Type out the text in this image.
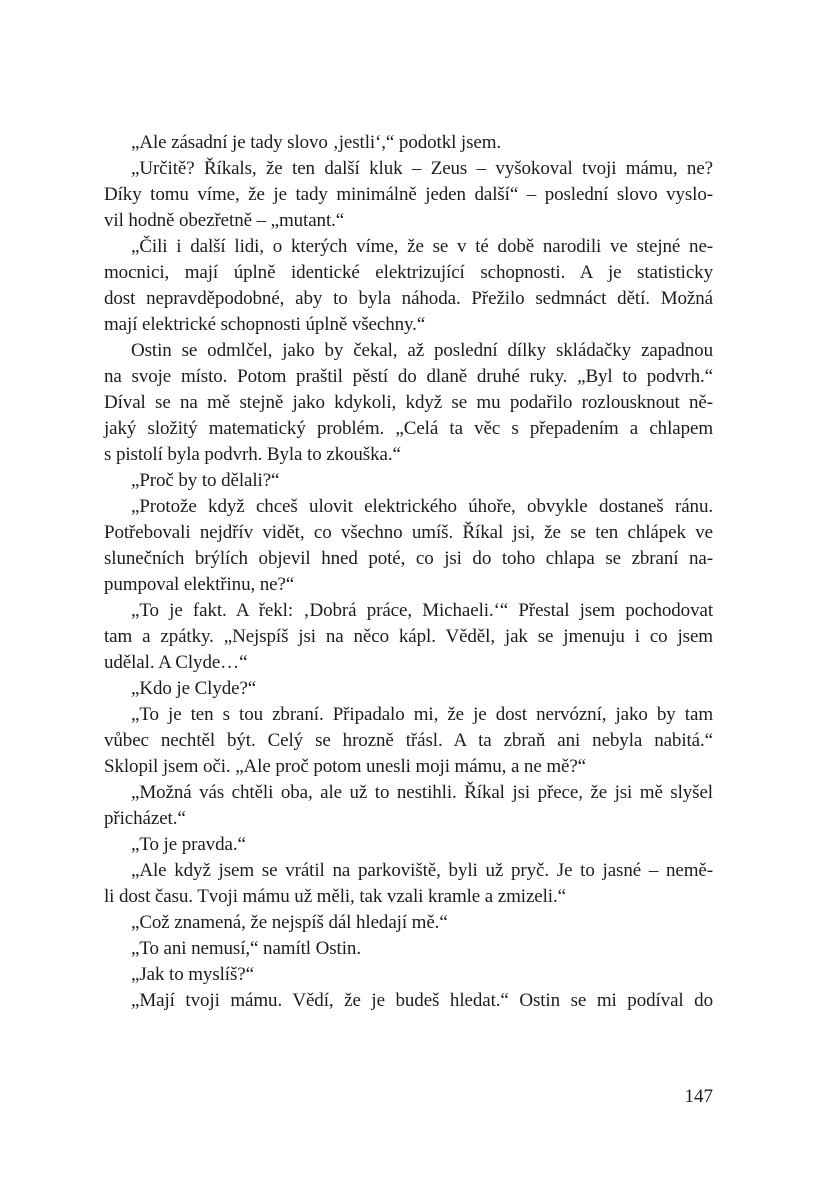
„Ale zásadní je tady slovo ‚jestli‘,“ podotkl jsem.
„Určitě? Říkals, že ten další kluk – Zeus – vyšokoval tvoji mámu, ne?
Díky tomu víme, že je tady minimálně jeden další“ – poslední slovo vyslo-
vil hodně obezřetně – „mutant.“
„Čili i další lidi, o kterých víme, že se v té době narodili ve stejné ne-
mocnici, mají úplně identické elektrizující schopnosti. A je statisticky
dost nepravděpodobné, aby to byla náhoda. Přežilo sedmnáct dětí. Možná
mají elektrické schopnosti úplně všechny.“
Ostin se odmlčel, jako by čekal, až poslední dílky skládačky zapadnou
na svoje místo. Potom praštil pěstí do dlaně druhé ruky. „Byl to podvrh.“
Díval se na mě stejně jako kdykoli, když se mu podařilo rozlousknout ně-
jaký složitý matematický problém. „Celá ta věc s přepadením a chlapem
s pistolí byla podvrh. Byla to zkouška.“
„Proč by to dělali?“
„Protože když chceš ulovit elektrického úhoře, obvykle dostaneš ránu.
Potřebovali nejdřív vidět, co všechno umíš. Říkal jsi, že se ten chlápek ve
slunečních brýlích objevil hned poté, co jsi do toho chlapa se zbraní na-
pumpoval elektřinu, ne?“
„To je fakt. A řekl: ‚Dobrá práce, Michaeli.‘“ Přestal jsem pochodovat
tam a zpátky. „Nejspíš jsi na něco kápl. Věděl, jak se jmenuju i co jsem
udělal. A Clyde…“
„Kdo je Clyde?“
„To je ten s tou zbraní. Připadalo mi, že je dost nervózní, jako by tam
vůbec nechtěl být. Celý se hrozně třásl. A ta zbraň ani nebyla nabitá.“
Sklopil jsem oči. „Ale proč potom unesli moji mámu, a ne mě?“
„Možná vás chtěli oba, ale už to nestihli. Říkal jsi přece, že jsi mě slyšel
přicházet.“
„To je pravda.“
„Ale když jsem se vrátil na parkoviště, byli už pryč. Je to jasné – nemě-
li dost času. Tvoji mámu už měli, tak vzali kramle a zmizeli.“
„Což znamená, že nejspíš dál hledají mě.“
„To ani nemusí,“ namítl Ostin.
„Jak to myslíš?“
„Mají tvoji mámu. Vědí, že je budeš hledat.“ Ostin se mi podíval do
147
